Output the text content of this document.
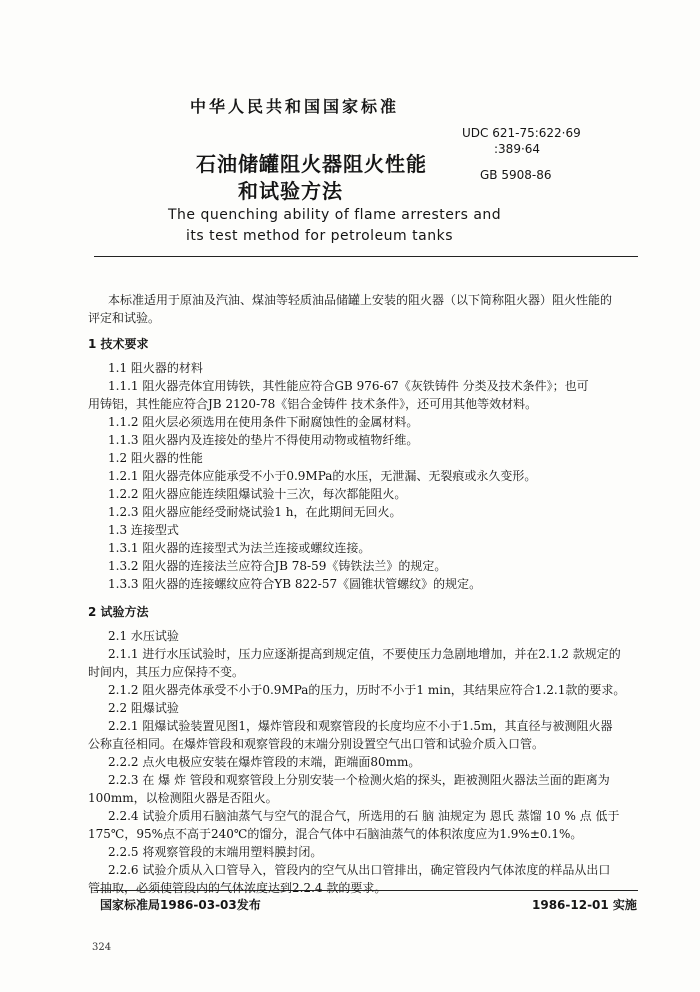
中华人民共和国国家标准
UDC 621-75:622·69
:389·64
GB 5908-86
石油储罐阻火器阻火性能
和试验方法
The quenching ability of flame arresters and
its test method for petroleum tanks
本标准适用于原油及汽油、煤油等轻质油品储罐上安装的阻火器（以下简称阻火器）阻火性能的
评定和试验。
1 技术要求
1.1 阻火器的材料
1.1.1 阻火器壳体宜用铸铁，其性能应符合GB 976-67《灰铁铸件 分类及技术条件》；也可
用铸铝，其性能应符合JB 2120-78《铝合金铸件 技术条件》，还可用其他等效材料。
1.1.2 阻火层必须选用在使用条件下耐腐蚀性的金属材料。
1.1.3 阻火器内及连接处的垫片不得使用动物或植物纤维。
1.2 阻火器的性能
1.2.1 阻火器壳体应能承受不小于0.9MPa的水压，无泄漏、无裂痕或永久变形。
1.2.2 阻火器应能连续阻爆试验十三次，每次都能阻火。
1.2.3 阻火器应能经受耐烧试验1 h，在此期间无回火。
1.3 连接型式
1.3.1 阻火器的连接型式为法兰连接或螺纹连接。
1.3.2 阻火器的连接法兰应符合JB 78-59《铸铁法兰》的规定。
1.3.3 阻火器的连接螺纹应符合YB 822-57《圆锥状管螺纹》的规定。
2 试验方法
2.1 水压试验
2.1.1 进行水压试验时，压力应逐渐提高到规定值，不要使压力急剧地增加，并在2.1.2 款规定的
时间内，其压力应保持不变。
2.1.2 阻火器壳体承受不小于0.9MPa的压力，历时不小于1 min，其结果应符合1.2.1款的要求。
2.2 阻爆试验
2.2.1 阻爆试验装置见图1，爆炸管段和观察管段的长度均应不小于1.5m，其直径与被测阻火器
公称直径相同。在爆炸管段和观察管段的末端分别设置空气出口管和试验介质入口管。
2.2.2 点火电极应安装在爆炸管段的末端，距端面80mm。
2.2.3 在 爆 炸 管段和观察管段上分别安装一个检测火焰的探头，距被测阻火器法兰面的距离为
100mm，以检测阻火器是否阻火。
2.2.4 试验介质用石脑油蒸气与空气的混合气，所选用的石 脑 油规定为 恩氏 蒸馏 10 % 点 低于
175℃，95%点不高于240℃的馏分，混合气体中石脑油蒸气的体积浓度应为1.9%±0.1%。
2.2.5 将观察管段的末端用塑料膜封闭。
2.2.6 试验介质从入口管导入，管段内的空气从出口管排出，确定管段内气体浓度的样品从出口
管抽取，必须使管段内的气体浓度达到2.2.4 款的要求。
国家标准局1986-03-03发布	1986-12-01 实施
324
